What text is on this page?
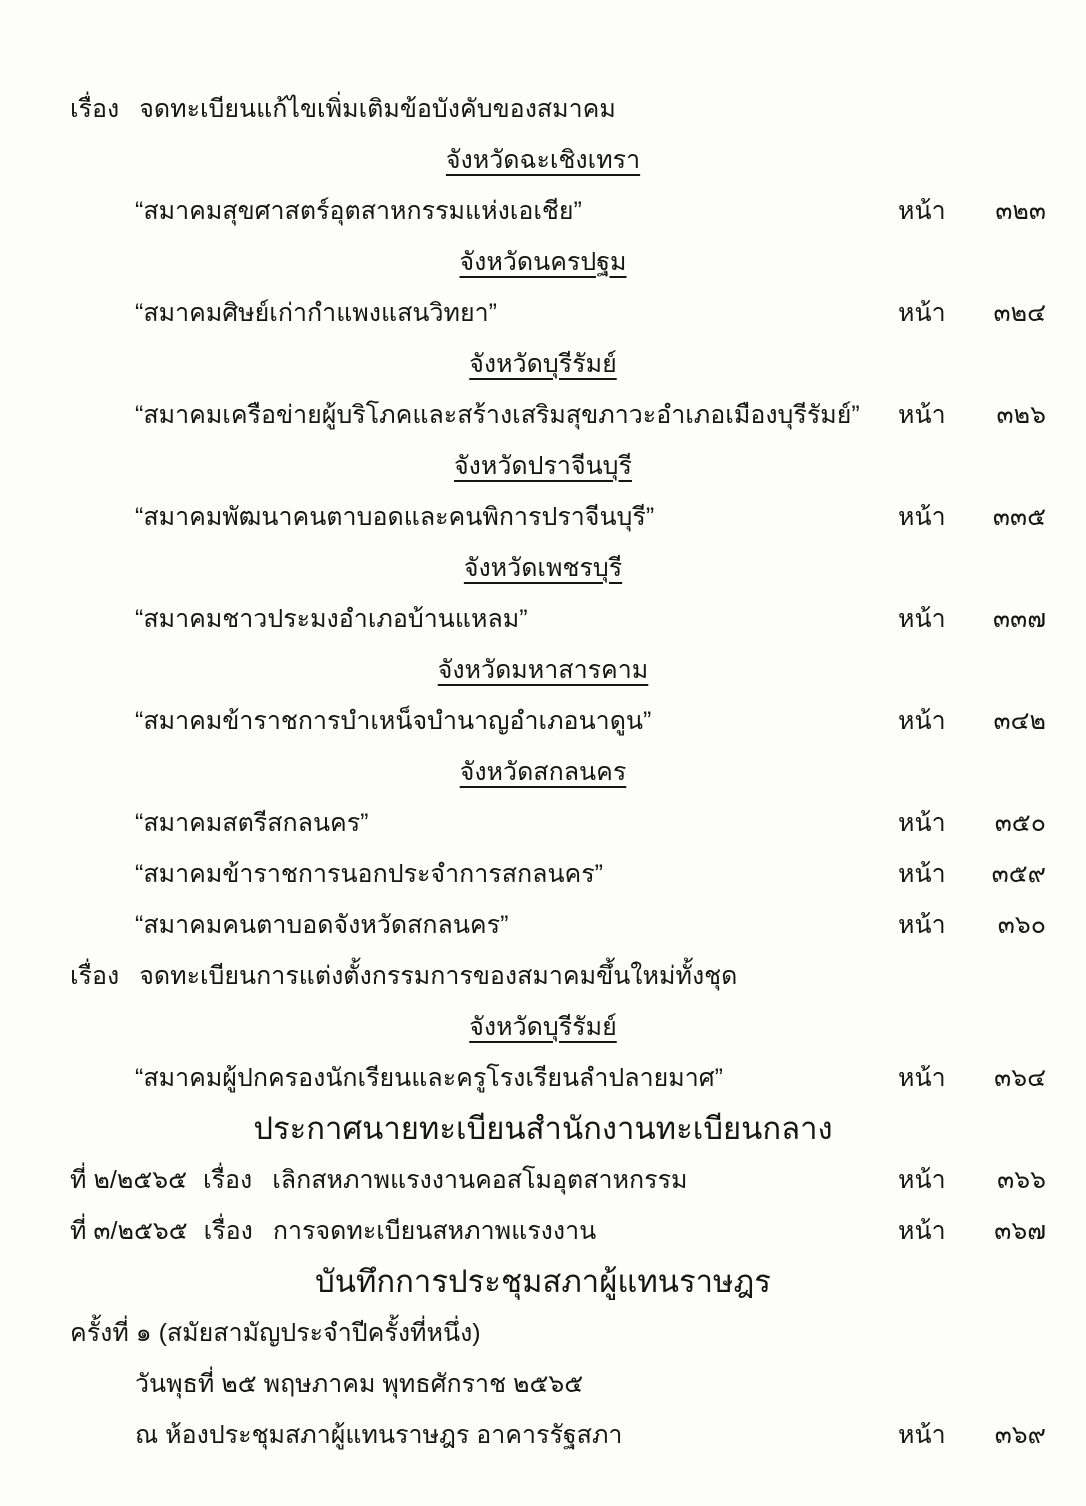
เรื่อง จดทะเบียนแก้ไขเพิ่มเติมข้อบังคับของสมาคม
จังหวัดฉะเชิงเทรา
“สมาคมสุขศาสตร์อุตสาหกรรมแห่งเอเชีย”	หน้า ๓๒๓
จังหวัดนครปฐม
“สมาคมศิษย์เก่ากำแพงแสนวิทยา”	หน้า ๓๒๔
จังหวัดบุรีรัมย์
“สมาคมเครือข่ายผู้บริโภคและสร้างเสริมสุขภาวะอำเภอเมืองบุรีรัมย์” หน้า ๓๒๖
จังหวัดปราจีนบุรี
“สมาคมพัฒนาคนตาบอดและคนพิการปราจีนบุรี”	หน้า ๓๓๕
จังหวัดเพชรบุรี
“สมาคมชาวประมงอำเภอบ้านแหลม”	หน้า ๓๓๗
จังหวัดมหาสารคาม
“สมาคมข้าราชการบำเหน็จบำนาญอำเภอนาดูน”	หน้า ๓๔๒
จังหวัดสกลนคร
“สมาคมสตรีสกลนคร”	หน้า ๓๕๐
“สมาคมข้าราชการนอกประจำการสกลนคร”	หน้า ๓๕๙
“สมาคมคนตาบอดจังหวัดสกลนคร”	หน้า ๓๖๐
เรื่อง จดทะเบียนการแต่งตั้งกรรมการของสมาคมขึ้นใหม่ทั้งชุด
จังหวัดบุรีรัมย์
“สมาคมผู้ปกครองนักเรียนและครูโรงเรียนลำปลายมาศ”	หน้า ๓๖๔
ประกาศนายทะเบียนสำนักงานทะเบียนกลาง
ที่ ๒/๒๕๖๕ เรื่อง เลิกสหภาพแรงงานคอสโมอุตสาหกรรม	หน้า ๓๖๖
ที่ ๓/๒๕๖๕ เรื่อง การจดทะเบียนสหภาพแรงงาน	หน้า ๓๖๗
บันทึกการประชุมสภาผู้แทนราษฎร
ครั้งที่ ๑ (สมัยสามัญประจำปีครั้งที่หนึ่ง)
วันพุธที่ ๒๕ พฤษภาคม พุทธศักราช ๒๕๖๕
ณ ห้องประชุมสภาผู้แทนราษฎร อาคารรัฐสภา	หน้า ๓๖๙
